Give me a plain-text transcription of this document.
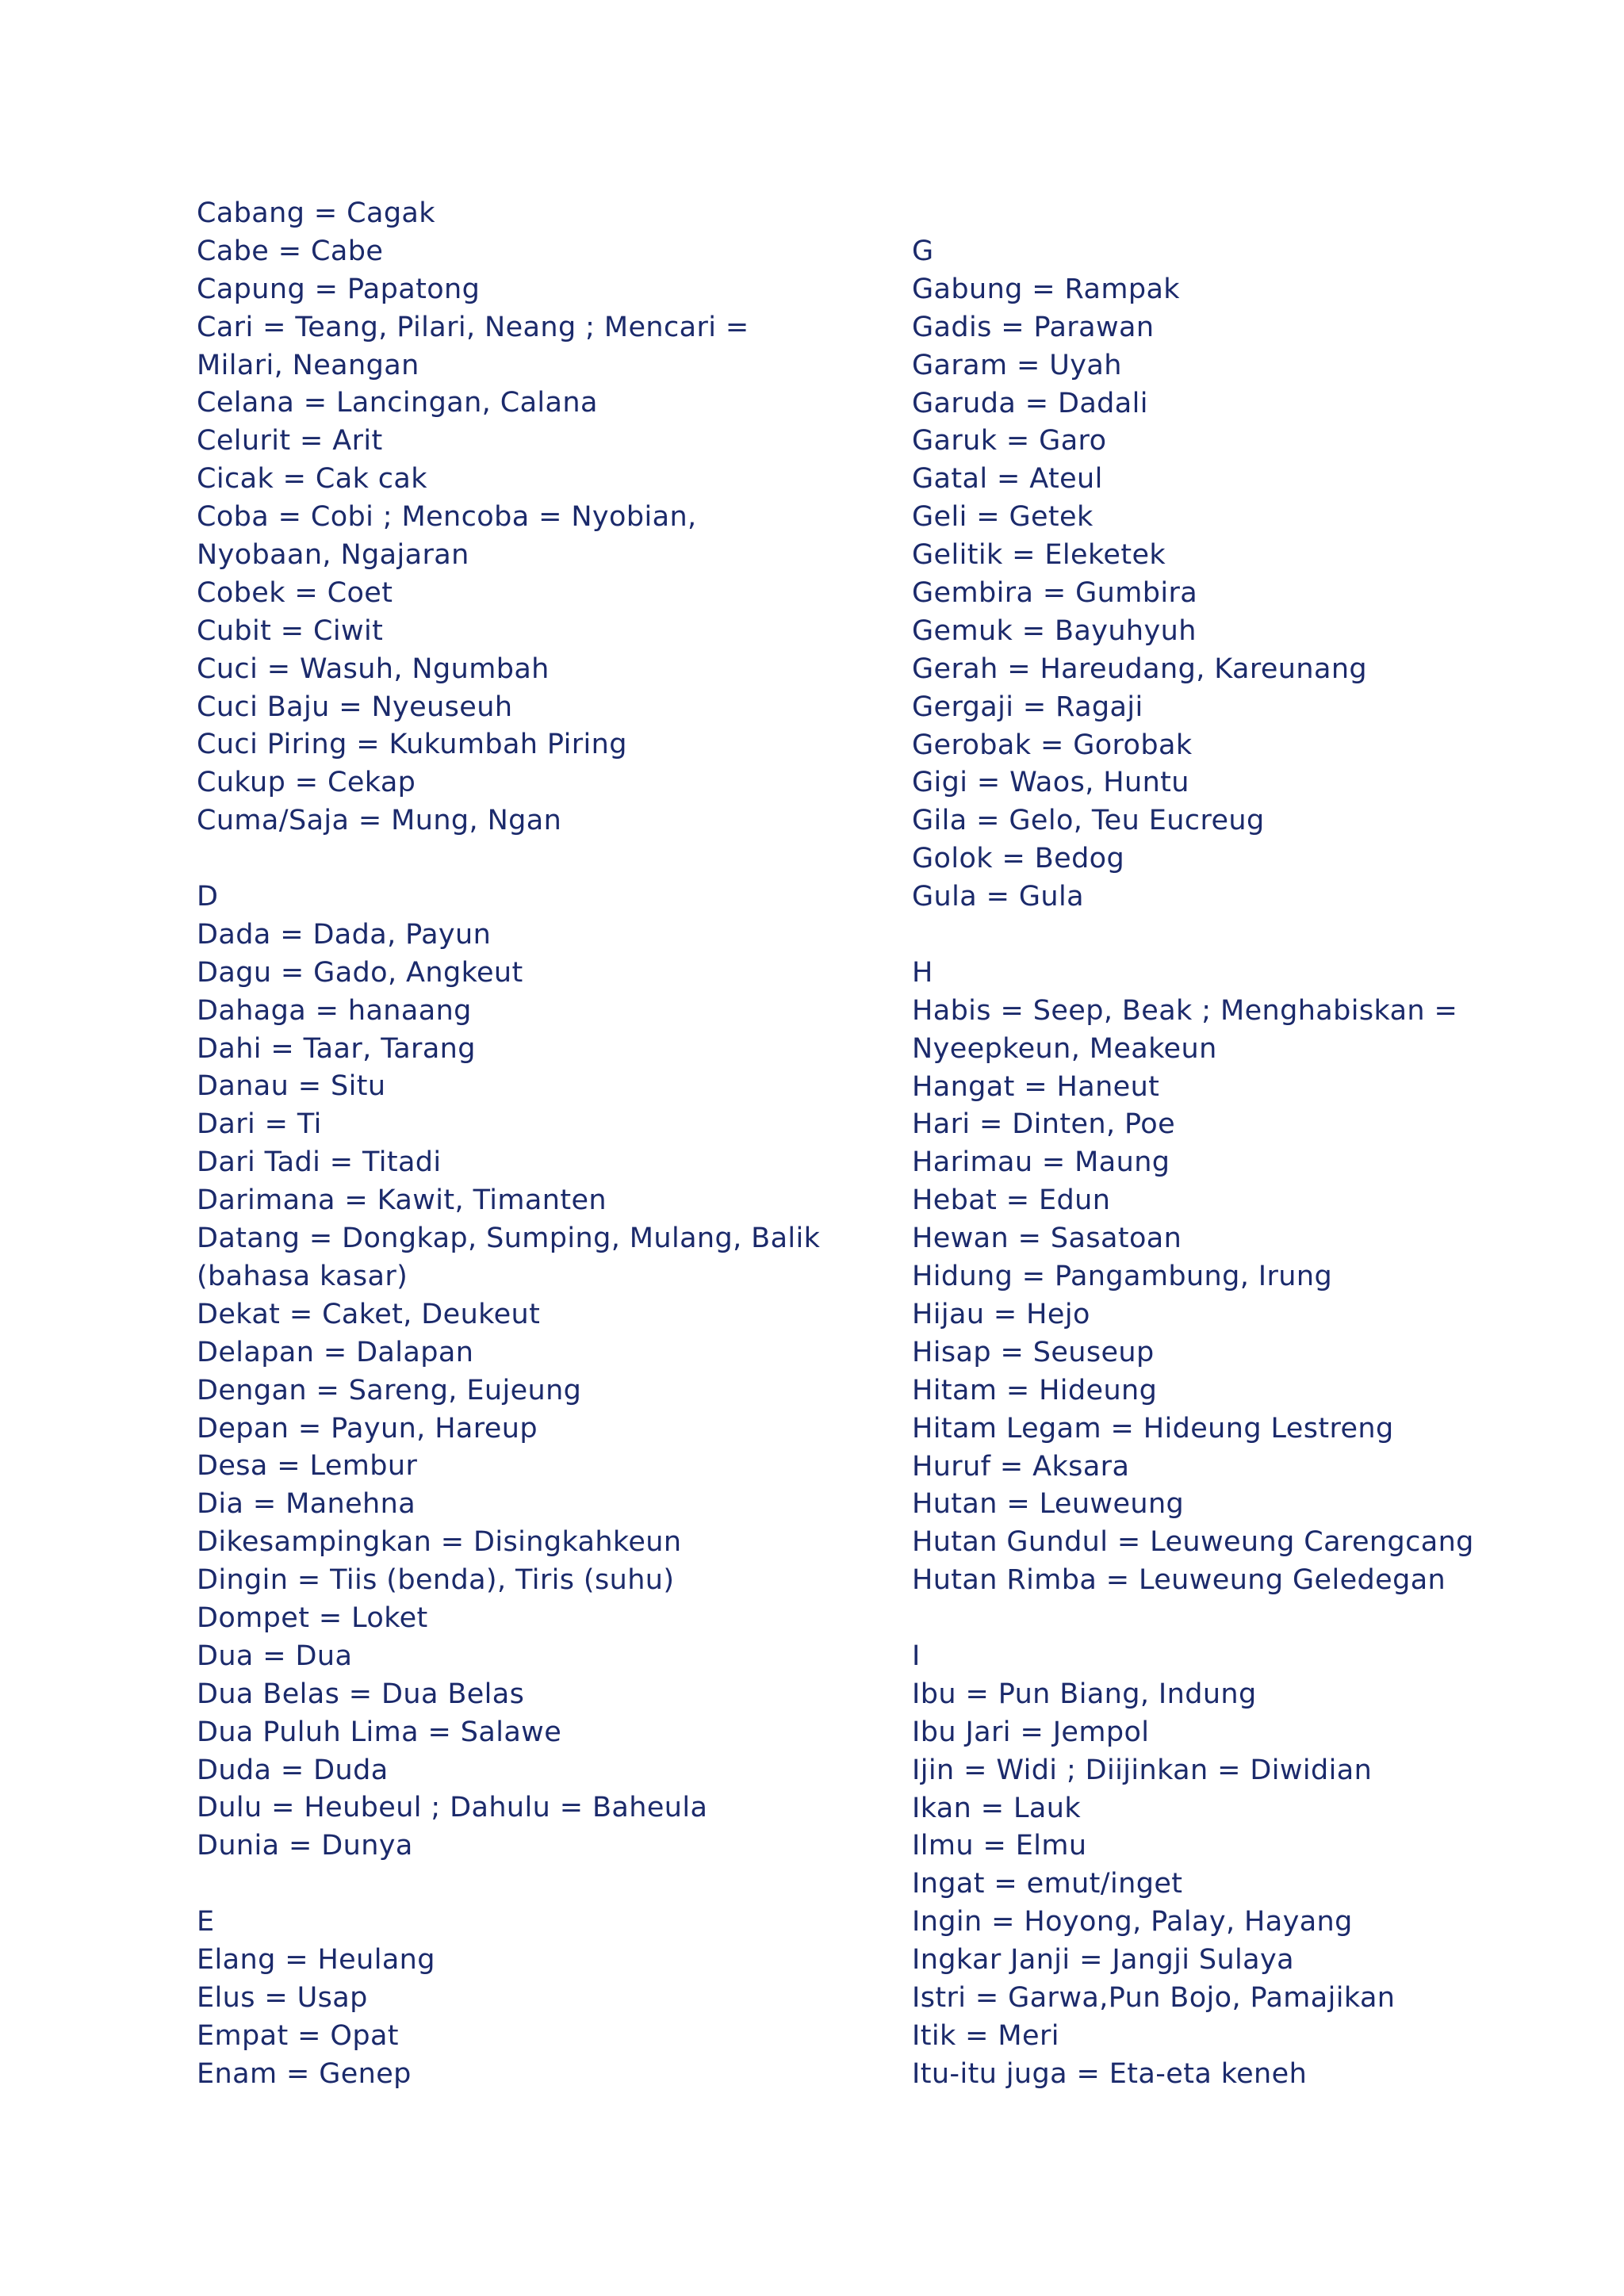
Cabang = Cagak
Cabe = Cabe
Capung = Papatong
Cari = Teang, Pilari, Neang ; Mencari =
Milari, Neangan
Celana = Lancingan, Calana
Celurit = Arit
Cicak = Cak cak
Coba = Cobi ; Mencoba = Nyobian,
Nyobaan, Ngajaran
Cobek = Coet
Cubit = Ciwit
Cuci = Wasuh, Ngumbah
Cuci Baju = Nyeuseuh
Cuci Piring = Kukumbah Piring
Cukup = Cekap
Cuma/Saja = Mung, Ngan
D
Dada = Dada, Payun
Dagu = Gado, Angkeut
Dahaga = hanaang
Dahi = Taar, Tarang
Danau = Situ
Dari = Ti
Dari Tadi = Titadi
Darimana = Kawit, Timanten
Datang = Dongkap, Sumping, Mulang, Balik
(bahasa kasar)
Dekat = Caket, Deukeut
Delapan = Dalapan
Dengan = Sareng, Eujeung
Depan = Payun, Hareup
Desa = Lembur
Dia = Manehna
Dikesampingkan = Disingkahkeun
Dingin = Tiis (benda), Tiris (suhu)
Dompet = Loket
Dua = Dua
Dua Belas = Dua Belas
Dua Puluh Lima = Salawe
Duda = Duda
Dulu = Heubeul ; Dahulu = Baheula
Dunia = Dunya
E
Elang = Heulang
Elus = Usap
Empat = Opat
Enam = Genep
G
Gabung = Rampak
Gadis = Parawan
Garam = Uyah
Garuda = Dadali
Garuk = Garo
Gatal = Ateul
Geli = Getek
Gelitik = Eleketek
Gembira = Gumbira
Gemuk = Bayuhyuh
Gerah = Hareudang, Kareunang
Gergaji = Ragaji
Gerobak = Gorobak
Gigi = Waos, Huntu
Gila = Gelo, Teu Eucreug
Golok = Bedog
Gula = Gula
H
Habis = Seep, Beak ; Menghabiskan =
Nyeepkeun, Meakeun
Hangat = Haneut
Hari = Dinten, Poe
Harimau = Maung
Hebat = Edun
Hewan = Sasatoan
Hidung = Pangambung, Irung
Hijau = Hejo
Hisap = Seuseup
Hitam = Hideung
Hitam Legam = Hideung Lestreng
Huruf = Aksara
Hutan = Leuweung
Hutan Gundul = Leuweung Carengcang
Hutan Rimba = Leuweung Geledegan
I
Ibu = Pun Biang, Indung
Ibu Jari = Jempol
Ijin = Widi ; Diijinkan = Diwidian
Ikan = Lauk
Ilmu = Elmu
Ingat = emut/inget
Ingin = Hoyong, Palay, Hayang
Ingkar Janji = Jangji Sulaya
Istri = Garwa,Pun Bojo, Pamajikan
Itik = Meri
Itu-itu juga = Eta-eta keneh
